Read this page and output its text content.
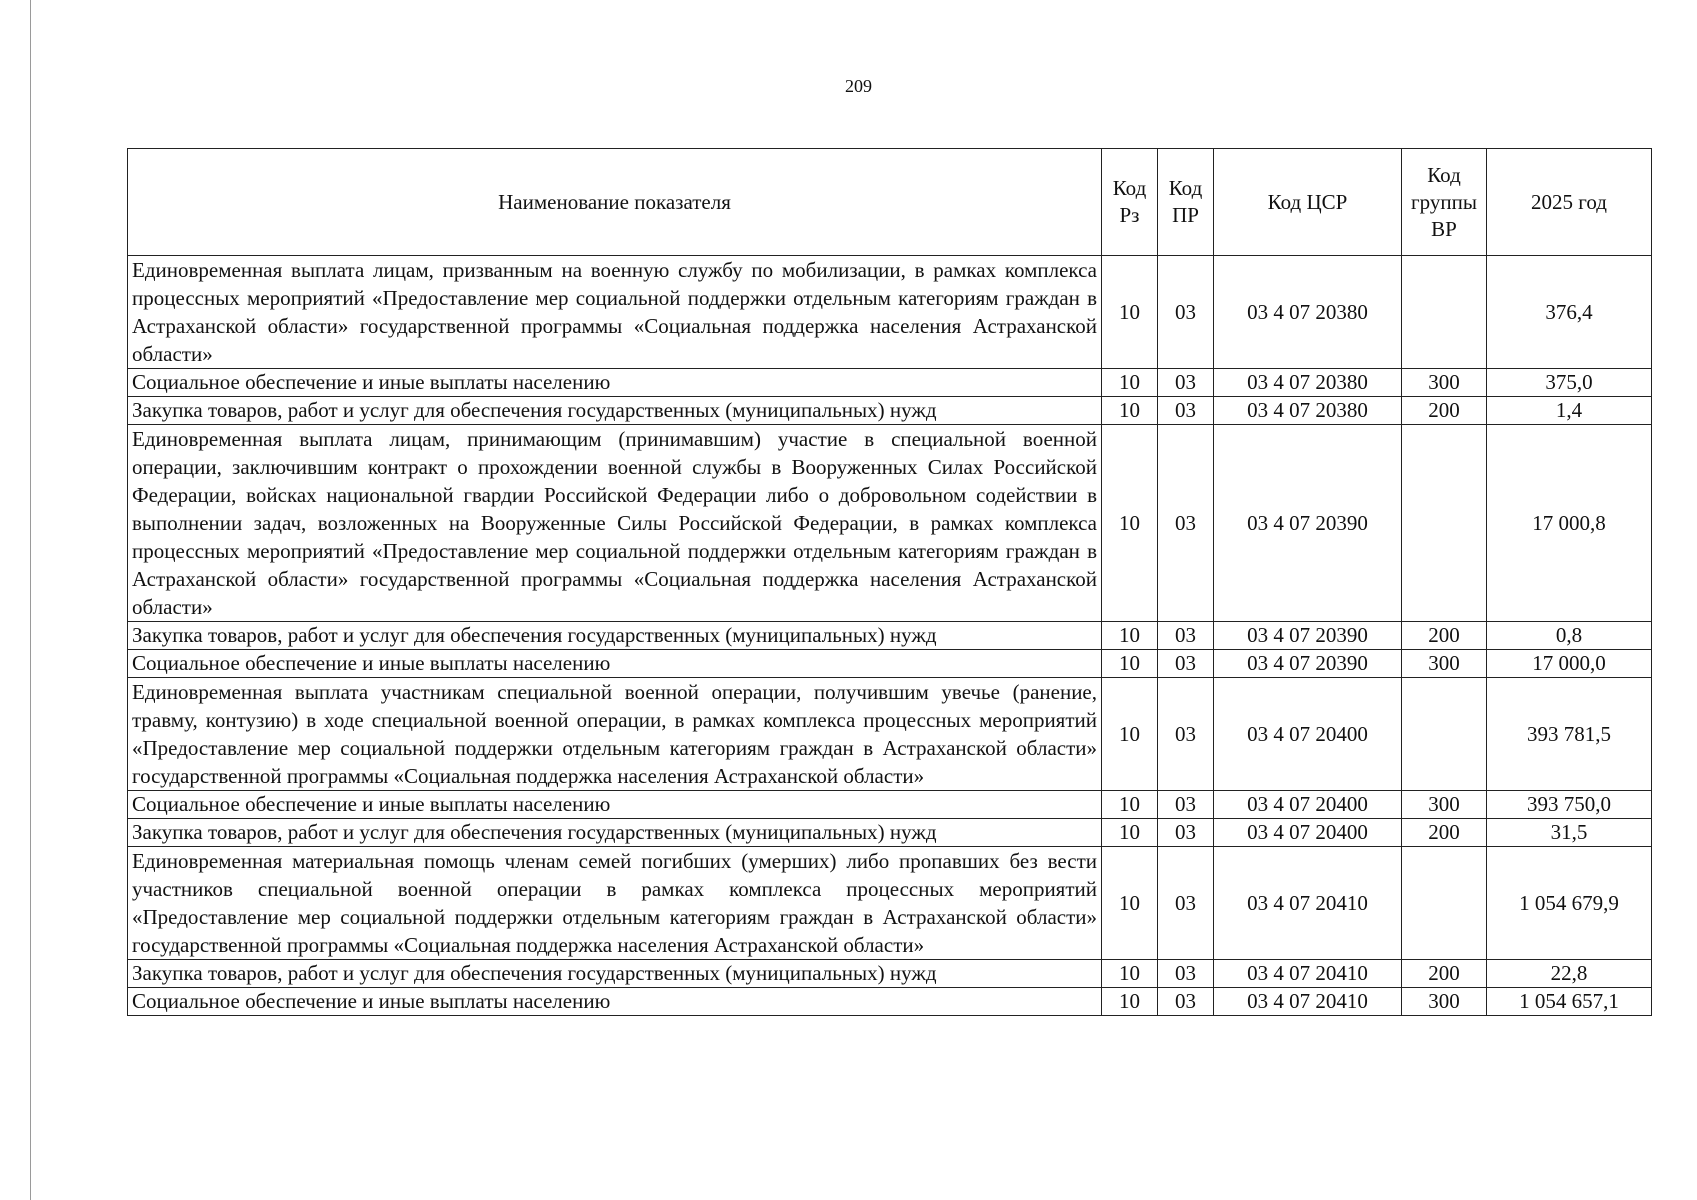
209
Наименование показателя	Код Рз	Код ПР	Код ЦСР	Код группы ВР	2025 год
Единовременная выплата лицам, призванным на военную службу по мобилизации, в рамках комплекса процессных мероприятий «Предоставление мер социальной поддержки отдельным категориям граждан в Астраханской области» государственной программы «Социальная поддержка населения Астраханской области»	10	03	03 4 07 20380		376,4
Социальное обеспечение и иные выплаты населению	10	03	03 4 07 20380	300	375,0
Закупка товаров, работ и услуг для обеспечения государственных (муниципальных) нужд	10	03	03 4 07 20380	200	1,4
Единовременная выплата лицам, принимающим (принимавшим) участие в специальной военной операции, заключившим контракт о прохождении военной службы в Вооруженных Силах Российской Федерации, войсках национальной гвардии Российской Федерации либо о добровольном содействии в выполнении задач, возложенных на Вооруженные Силы Российской Федерации, в рамках комплекса процессных мероприятий «Предоставление мер социальной поддержки отдельным категориям граждан в Астраханской области» государственной программы «Социальная поддержка населения Астраханской области»	10	03	03 4 07 20390		17 000,8
Закупка товаров, работ и услуг для обеспечения государственных (муниципальных) нужд	10	03	03 4 07 20390	200	0,8
Социальное обеспечение и иные выплаты населению	10	03	03 4 07 20390	300	17 000,0
Единовременная выплата участникам специальной военной операции, получившим увечье (ранение, травму, контузию) в ходе специальной военной операции, в рамках комплекса процессных мероприятий «Предоставление мер социальной поддержки отдельным категориям граждан в Астраханской области» государственной программы «Социальная поддержка населения Астраханской области»	10	03	03 4 07 20400		393 781,5
Социальное обеспечение и иные выплаты населению	10	03	03 4 07 20400	300	393 750,0
Закупка товаров, работ и услуг для обеспечения государственных (муниципальных) нужд	10	03	03 4 07 20400	200	31,5
Единовременная материальная помощь членам семей погибших (умерших) либо пропавших без вести участников специальной военной операции в рамках комплекса процессных мероприятий «Предоставление мер социальной поддержки отдельным категориям граждан в Астраханской области» государственной программы «Социальная поддержка населения Астраханской области»	10	03	03 4 07 20410		1 054 679,9
Закупка товаров, работ и услуг для обеспечения государственных (муниципальных) нужд	10	03	03 4 07 20410	200	22,8
Социальное обеспечение и иные выплаты населению	10	03	03 4 07 20410	300	1 054 657,1
